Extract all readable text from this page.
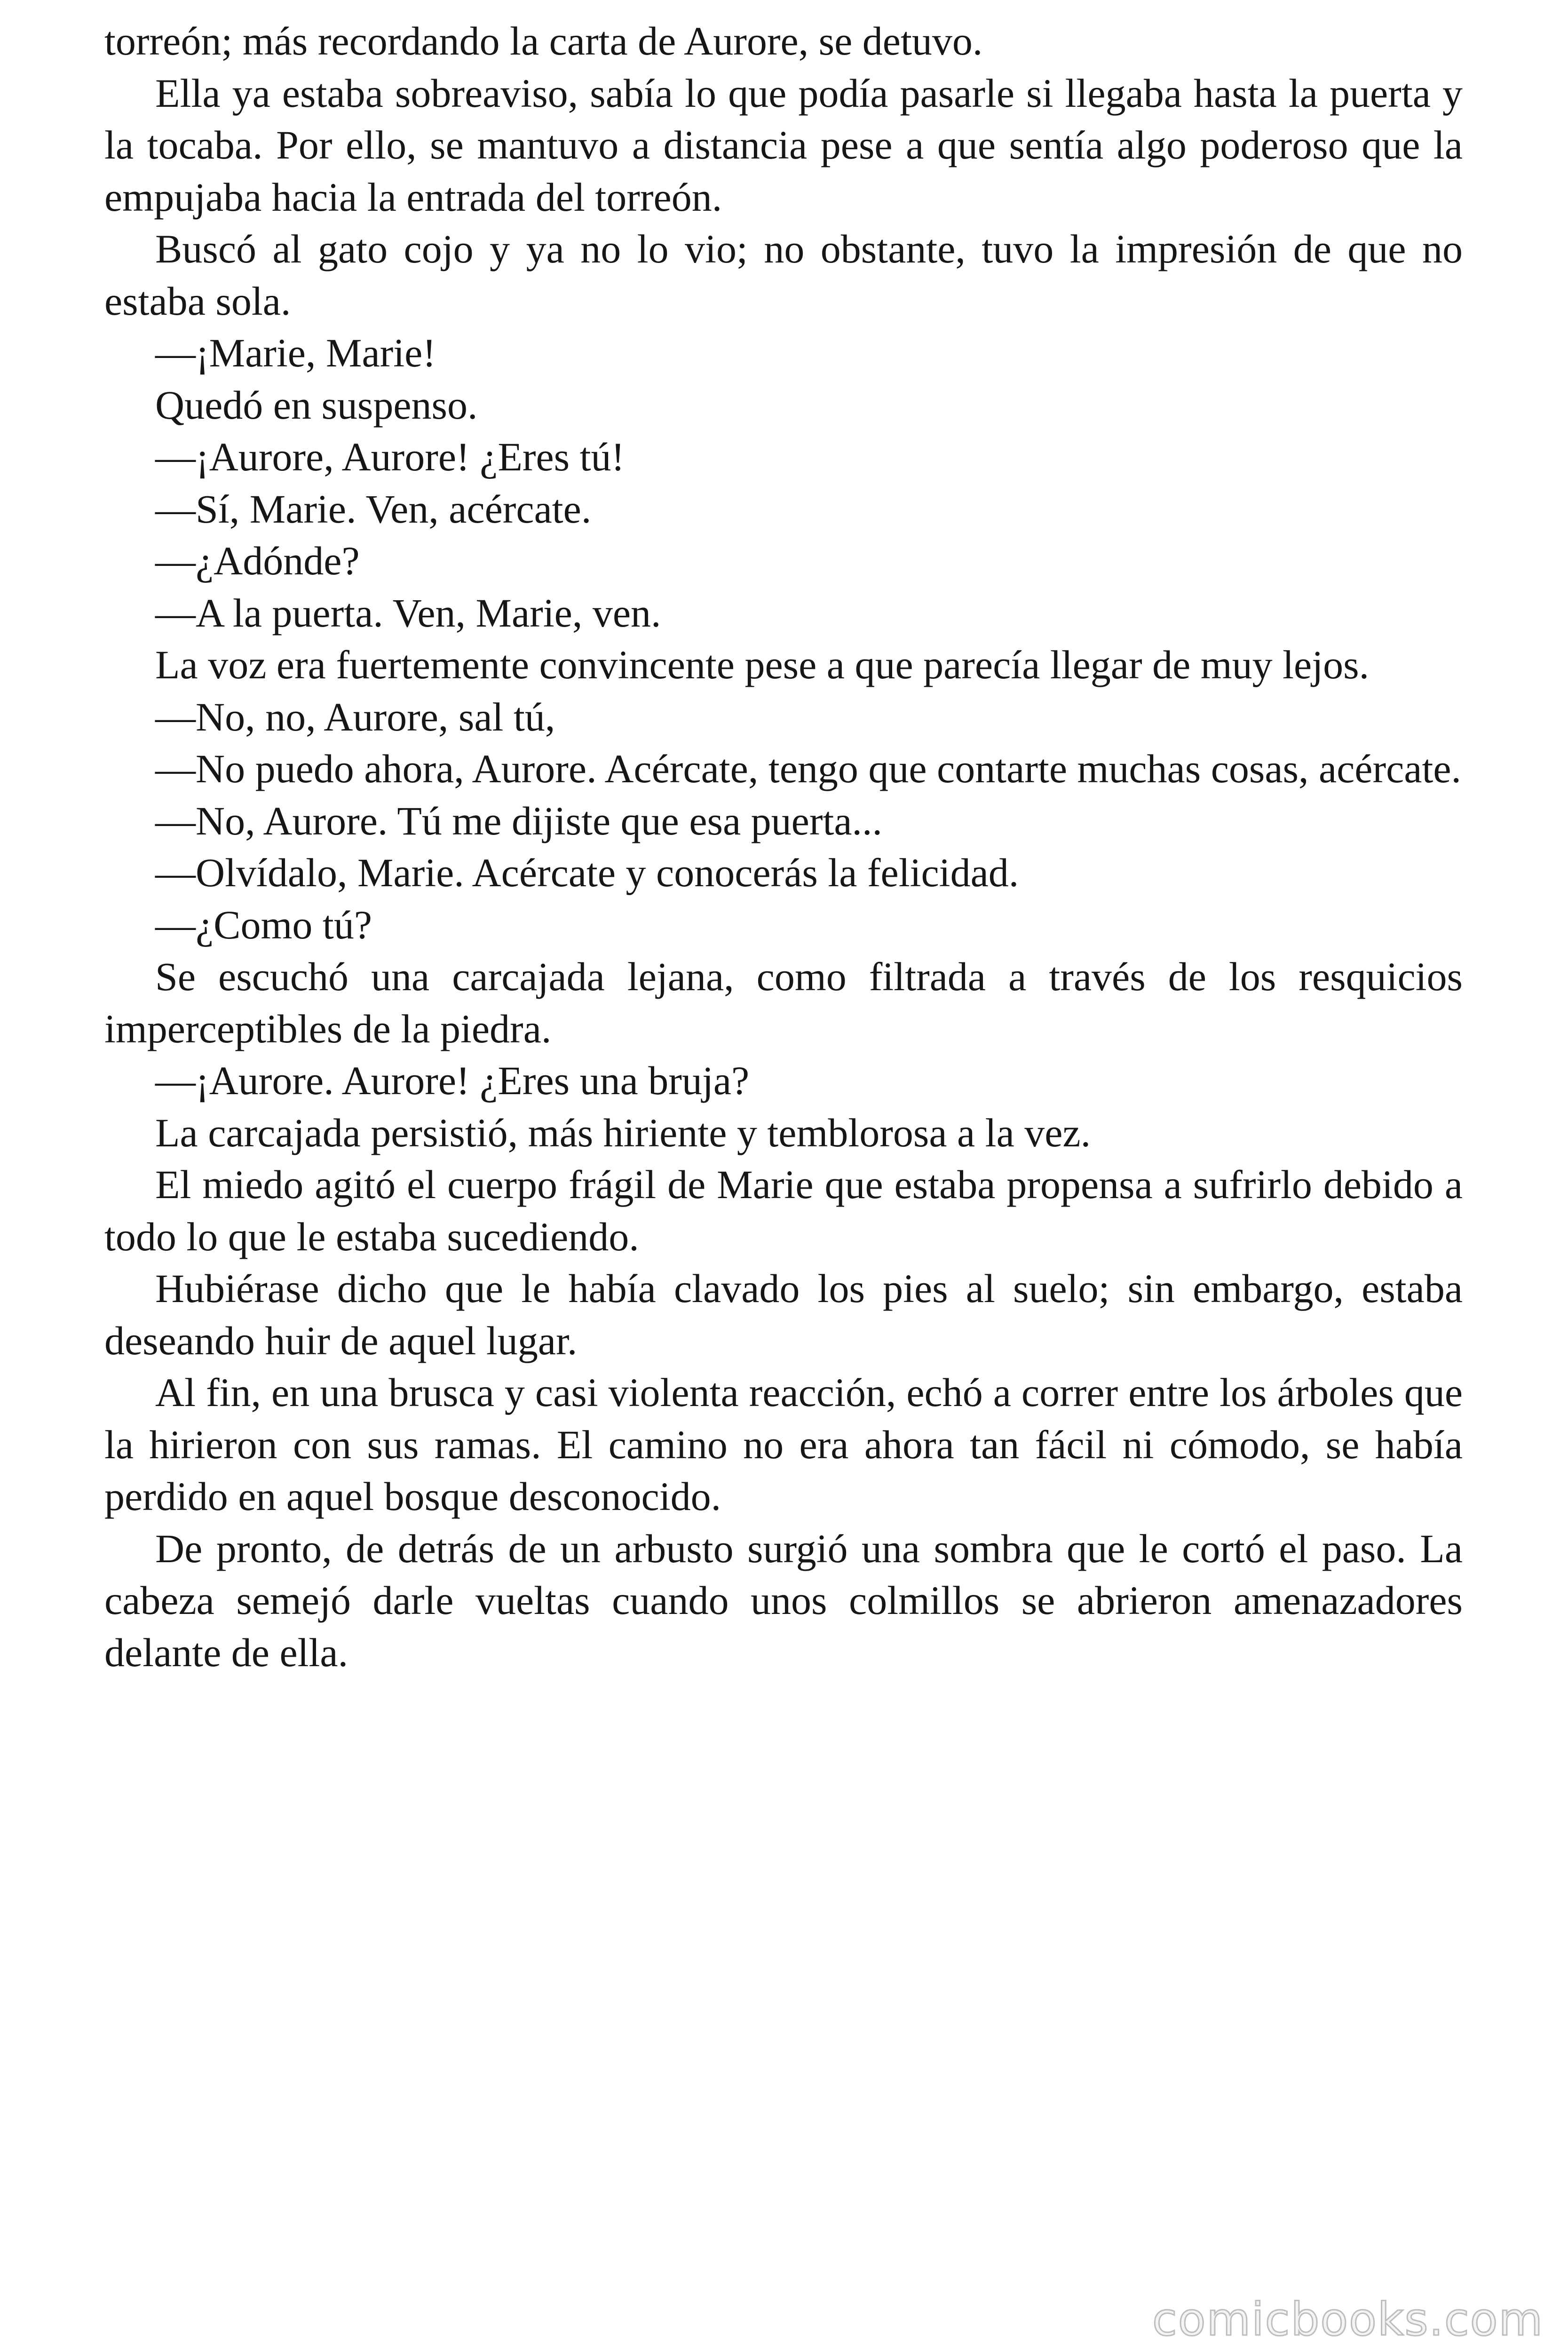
torreón; más recordando la carta de Aurore, se detuvo.

Ella ya estaba sobreaviso, sabía lo que podía pasarle si llegaba hasta la puerta y la tocaba. Por ello, se mantuvo a distancia pese a que sentía algo poderoso que la empujaba hacia la entrada del torreón.

Buscó al gato cojo y ya no lo vio; no obstante, tuvo la impresión de que no estaba sola.

—¡Marie, Marie!

Quedó en suspenso.

—¡Aurore, Aurore! ¿Eres tú!

—Sí, Marie. Ven, acércate.

—¿Adónde?

—A la puerta. Ven, Marie, ven.

La voz era fuertemente convincente pese a que parecía llegar de muy lejos.

—No, no, Aurore, sal tú,

—No puedo ahora, Aurore. Acércate, tengo que contarte muchas cosas, acércate.

—No, Aurore. Tú me dijiste que esa puerta...

—Olvídalo, Marie. Acércate y conocerás la felicidad.

—¿Como tú?

Se escuchó una carcajada lejana, como filtrada a través de los resquicios imperceptibles de la piedra.

—¡Aurore. Aurore! ¿Eres una bruja?

La carcajada persistió, más hiriente y temblorosa a la vez.

El miedo agitó el cuerpo frágil de Marie que estaba propensa a sufrirlo debido a todo lo que le estaba sucediendo.

Hubiérase dicho que le había clavado los pies al suelo; sin embargo, estaba deseando huir de aquel lugar.

Al fin, en una brusca y casi violenta reacción, echó a correr entre los árboles que la hirieron con sus ramas. El camino no era ahora tan fácil ni cómodo, se había perdido en aquel bosque desconocido.

De pronto, de detrás de un arbusto surgió una sombra que le cortó el paso. La cabeza semejó darle vueltas cuando unos colmillos se abrieron amenazadores delante de ella.

comicbooks.com
